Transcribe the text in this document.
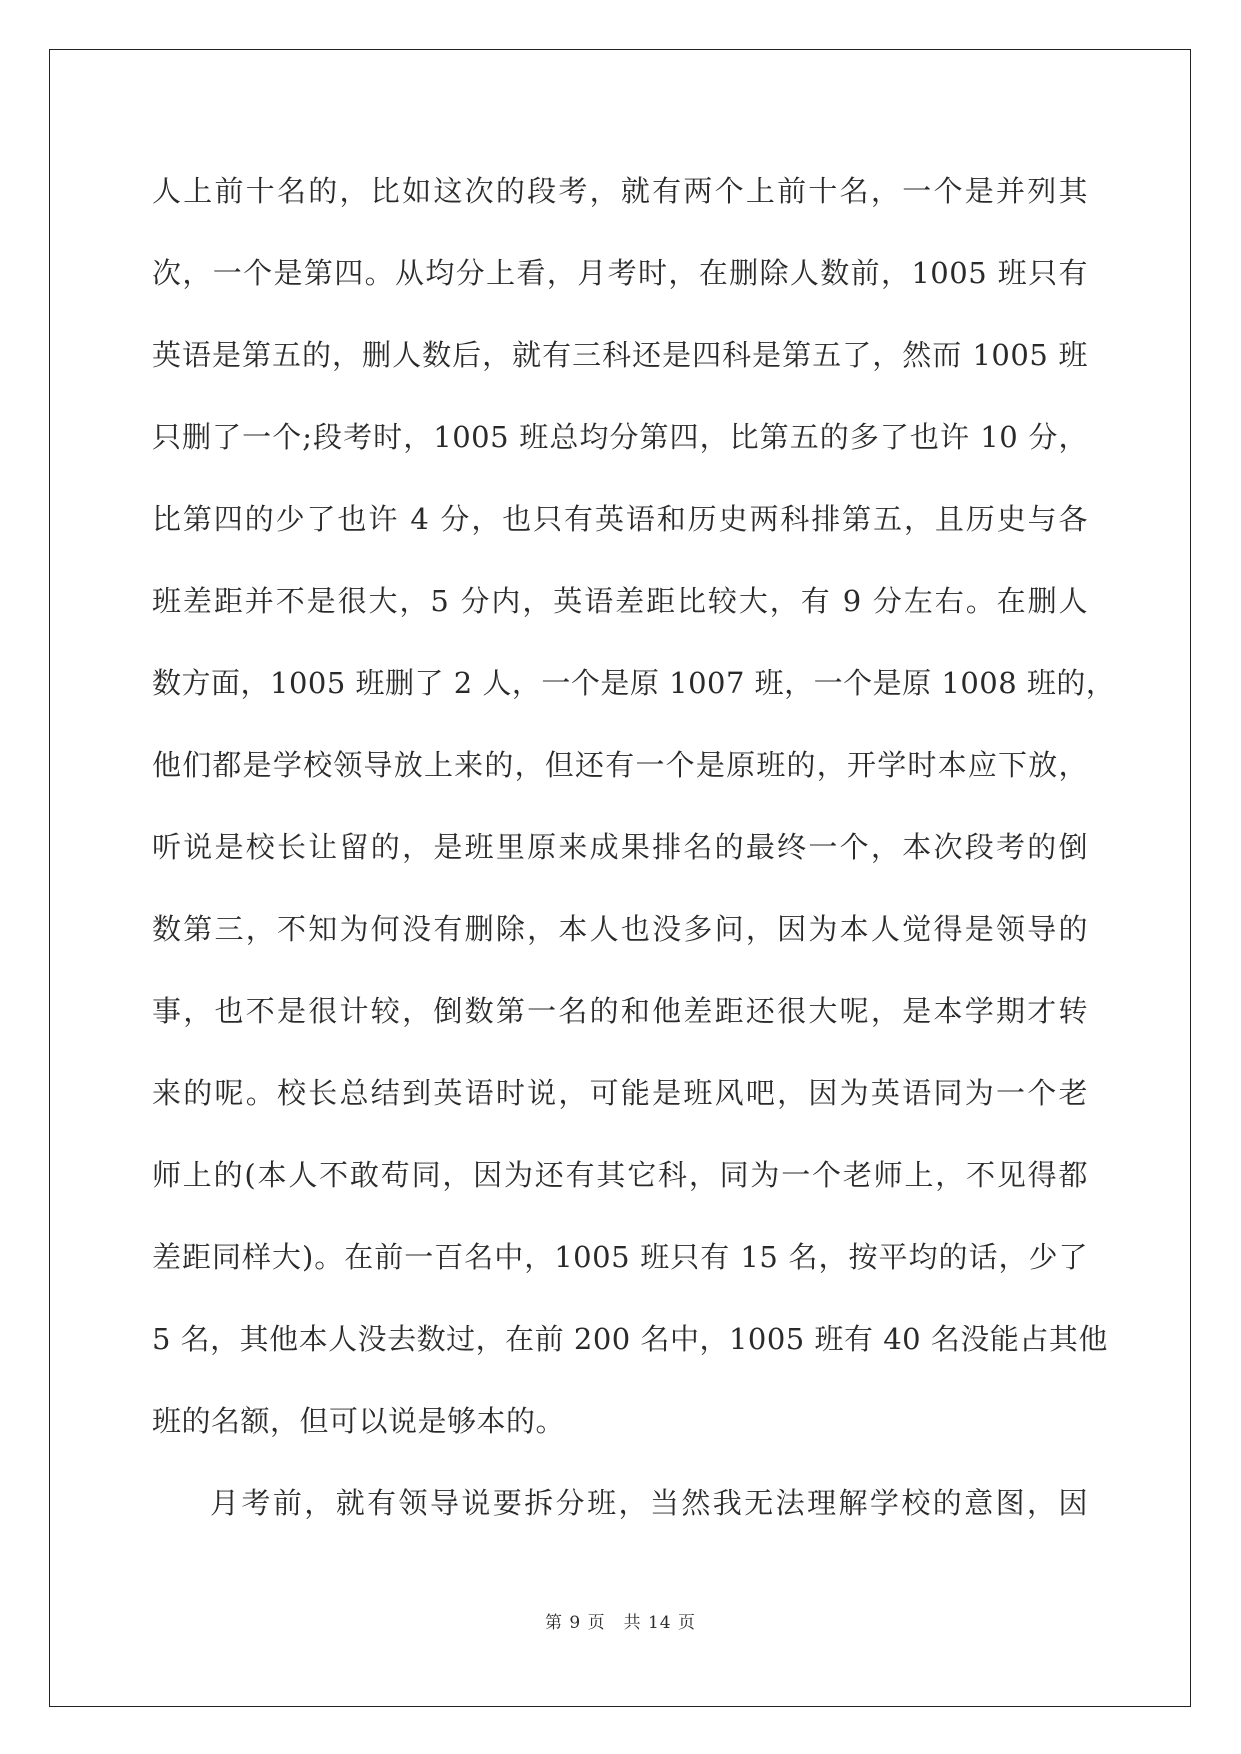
人上前十名的，比如这次的段考，就有两个上前十名，一个是并列其
次，一个是第四。从均分上看，月考时，在删除人数前，1005 班只有
英语是第五的，删人数后，就有三科还是四科是第五了，然而 1005 班
只删了一个;段考时，1005 班总均分第四，比第五的多了也许 10 分，
比第四的少了也许 4 分，也只有英语和历史两科排第五，且历史与各
班差距并不是很大，5 分内，英语差距比较大，有 9 分左右。在删人
数方面，1005 班删了 2 人，一个是原 1007 班，一个是原 1008 班的，
他们都是学校领导放上来的，但还有一个是原班的，开学时本应下放，
听说是校长让留的，是班里原来成果排名的最终一个，本次段考的倒
数第三，不知为何没有删除，本人也没多问，因为本人觉得是领导的
事，也不是很计较，倒数第一名的和他差距还很大呢，是本学期才转
来的呢。校长总结到英语时说，可能是班风吧，因为英语同为一个老
师上的(本人不敢苟同，因为还有其它科，同为一个老师上，不见得都
差距同样大)。在前一百名中，1005 班只有 15 名，按平均的话，少了
5 名，其他本人没去数过，在前 200 名中，1005 班有 40 名没能占其他
班的名额，但可以说是够本的。
月考前，就有领导说要拆分班，当然我无法理解学校的意图，因
第 9 页　共 14 页
